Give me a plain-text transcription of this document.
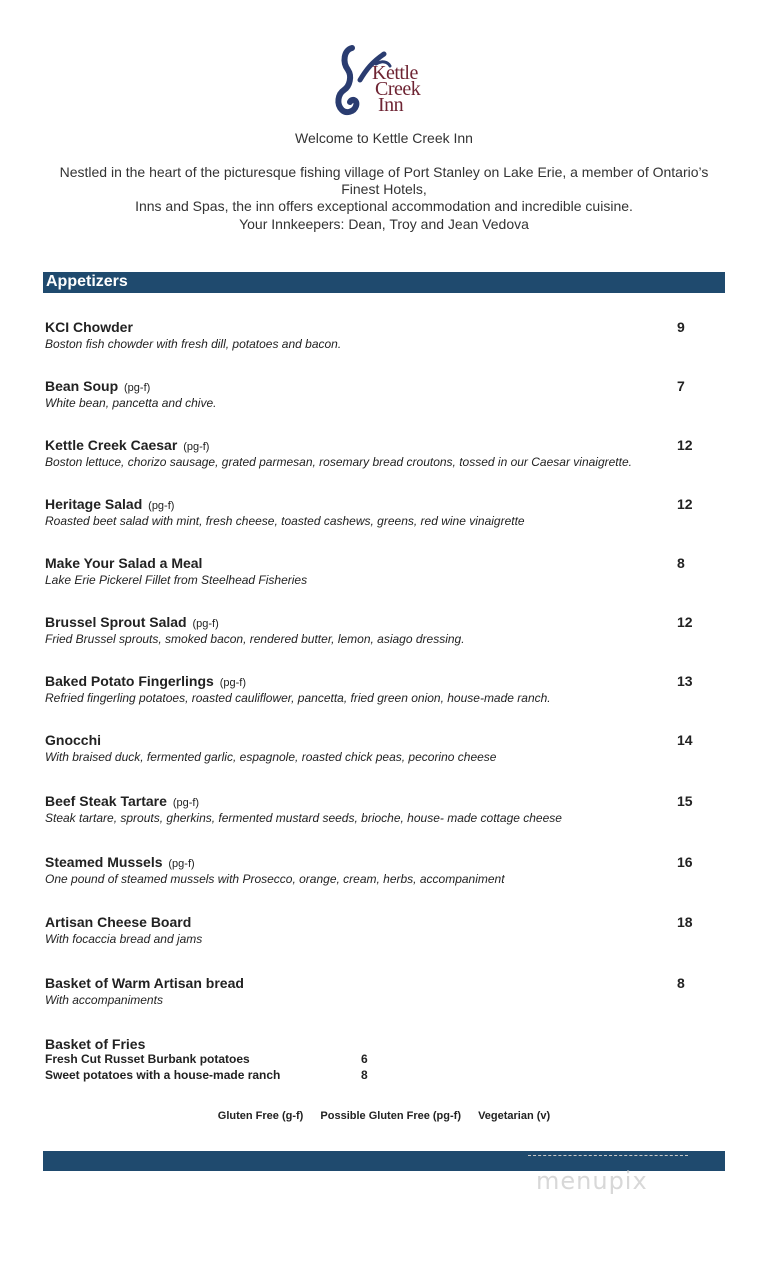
Kettle
Creek
Inn
Welcome to Kettle Creek Inn
Nestled in the heart of the picturesque fishing village of Port Stanley on Lake Erie, a member of Ontario’s Finest Hotels,
Inns and Spas, the inn offers exceptional accommodation and incredible cuisine.
Your Innkeepers: Dean, Troy and Jean Vedova
Appetizers
KCI Chowder
Boston fish chowder with fresh dill, potatoes and bacon.
9
Bean Soup (pg-f)
White bean, pancetta and chive.
7
Kettle Creek Caesar (pg-f)
Boston lettuce, chorizo sausage, grated parmesan, rosemary bread croutons, tossed in our Caesar vinaigrette.
12
Heritage Salad (pg-f)
Roasted beet salad with mint, fresh cheese, toasted cashews, greens, red wine vinaigrette
12
Make Your Salad a Meal
Lake Erie Pickerel Fillet from Steelhead Fisheries
8
Brussel Sprout Salad (pg-f)
Fried Brussel sprouts, smoked bacon, rendered butter, lemon, asiago dressing.
12
Baked Potato Fingerlings (pg-f)
Refried fingerling potatoes, roasted cauliflower, pancetta, fried green onion, house-made ranch.
13
Gnocchi
With braised duck, fermented garlic, espagnole, roasted chick peas, pecorino cheese
14
Beef Steak Tartare (pg-f)
Steak tartare, sprouts, gherkins, fermented mustard seeds, brioche, house- made cottage cheese
15
Steamed Mussels (pg-f)
One pound of steamed mussels with Prosecco, orange, cream, herbs, accompaniment
16
Artisan Cheese Board
With focaccia bread and jams
18
Basket of Warm Artisan bread
With accompaniments
8
Basket of Fries
Fresh Cut Russet Burbank potatoes	6
Sweet potatoes with a house-made ranch	8
Gluten Free (g-f) Possible Gluten Free (pg-f) Vegetarian (v)
menupix
